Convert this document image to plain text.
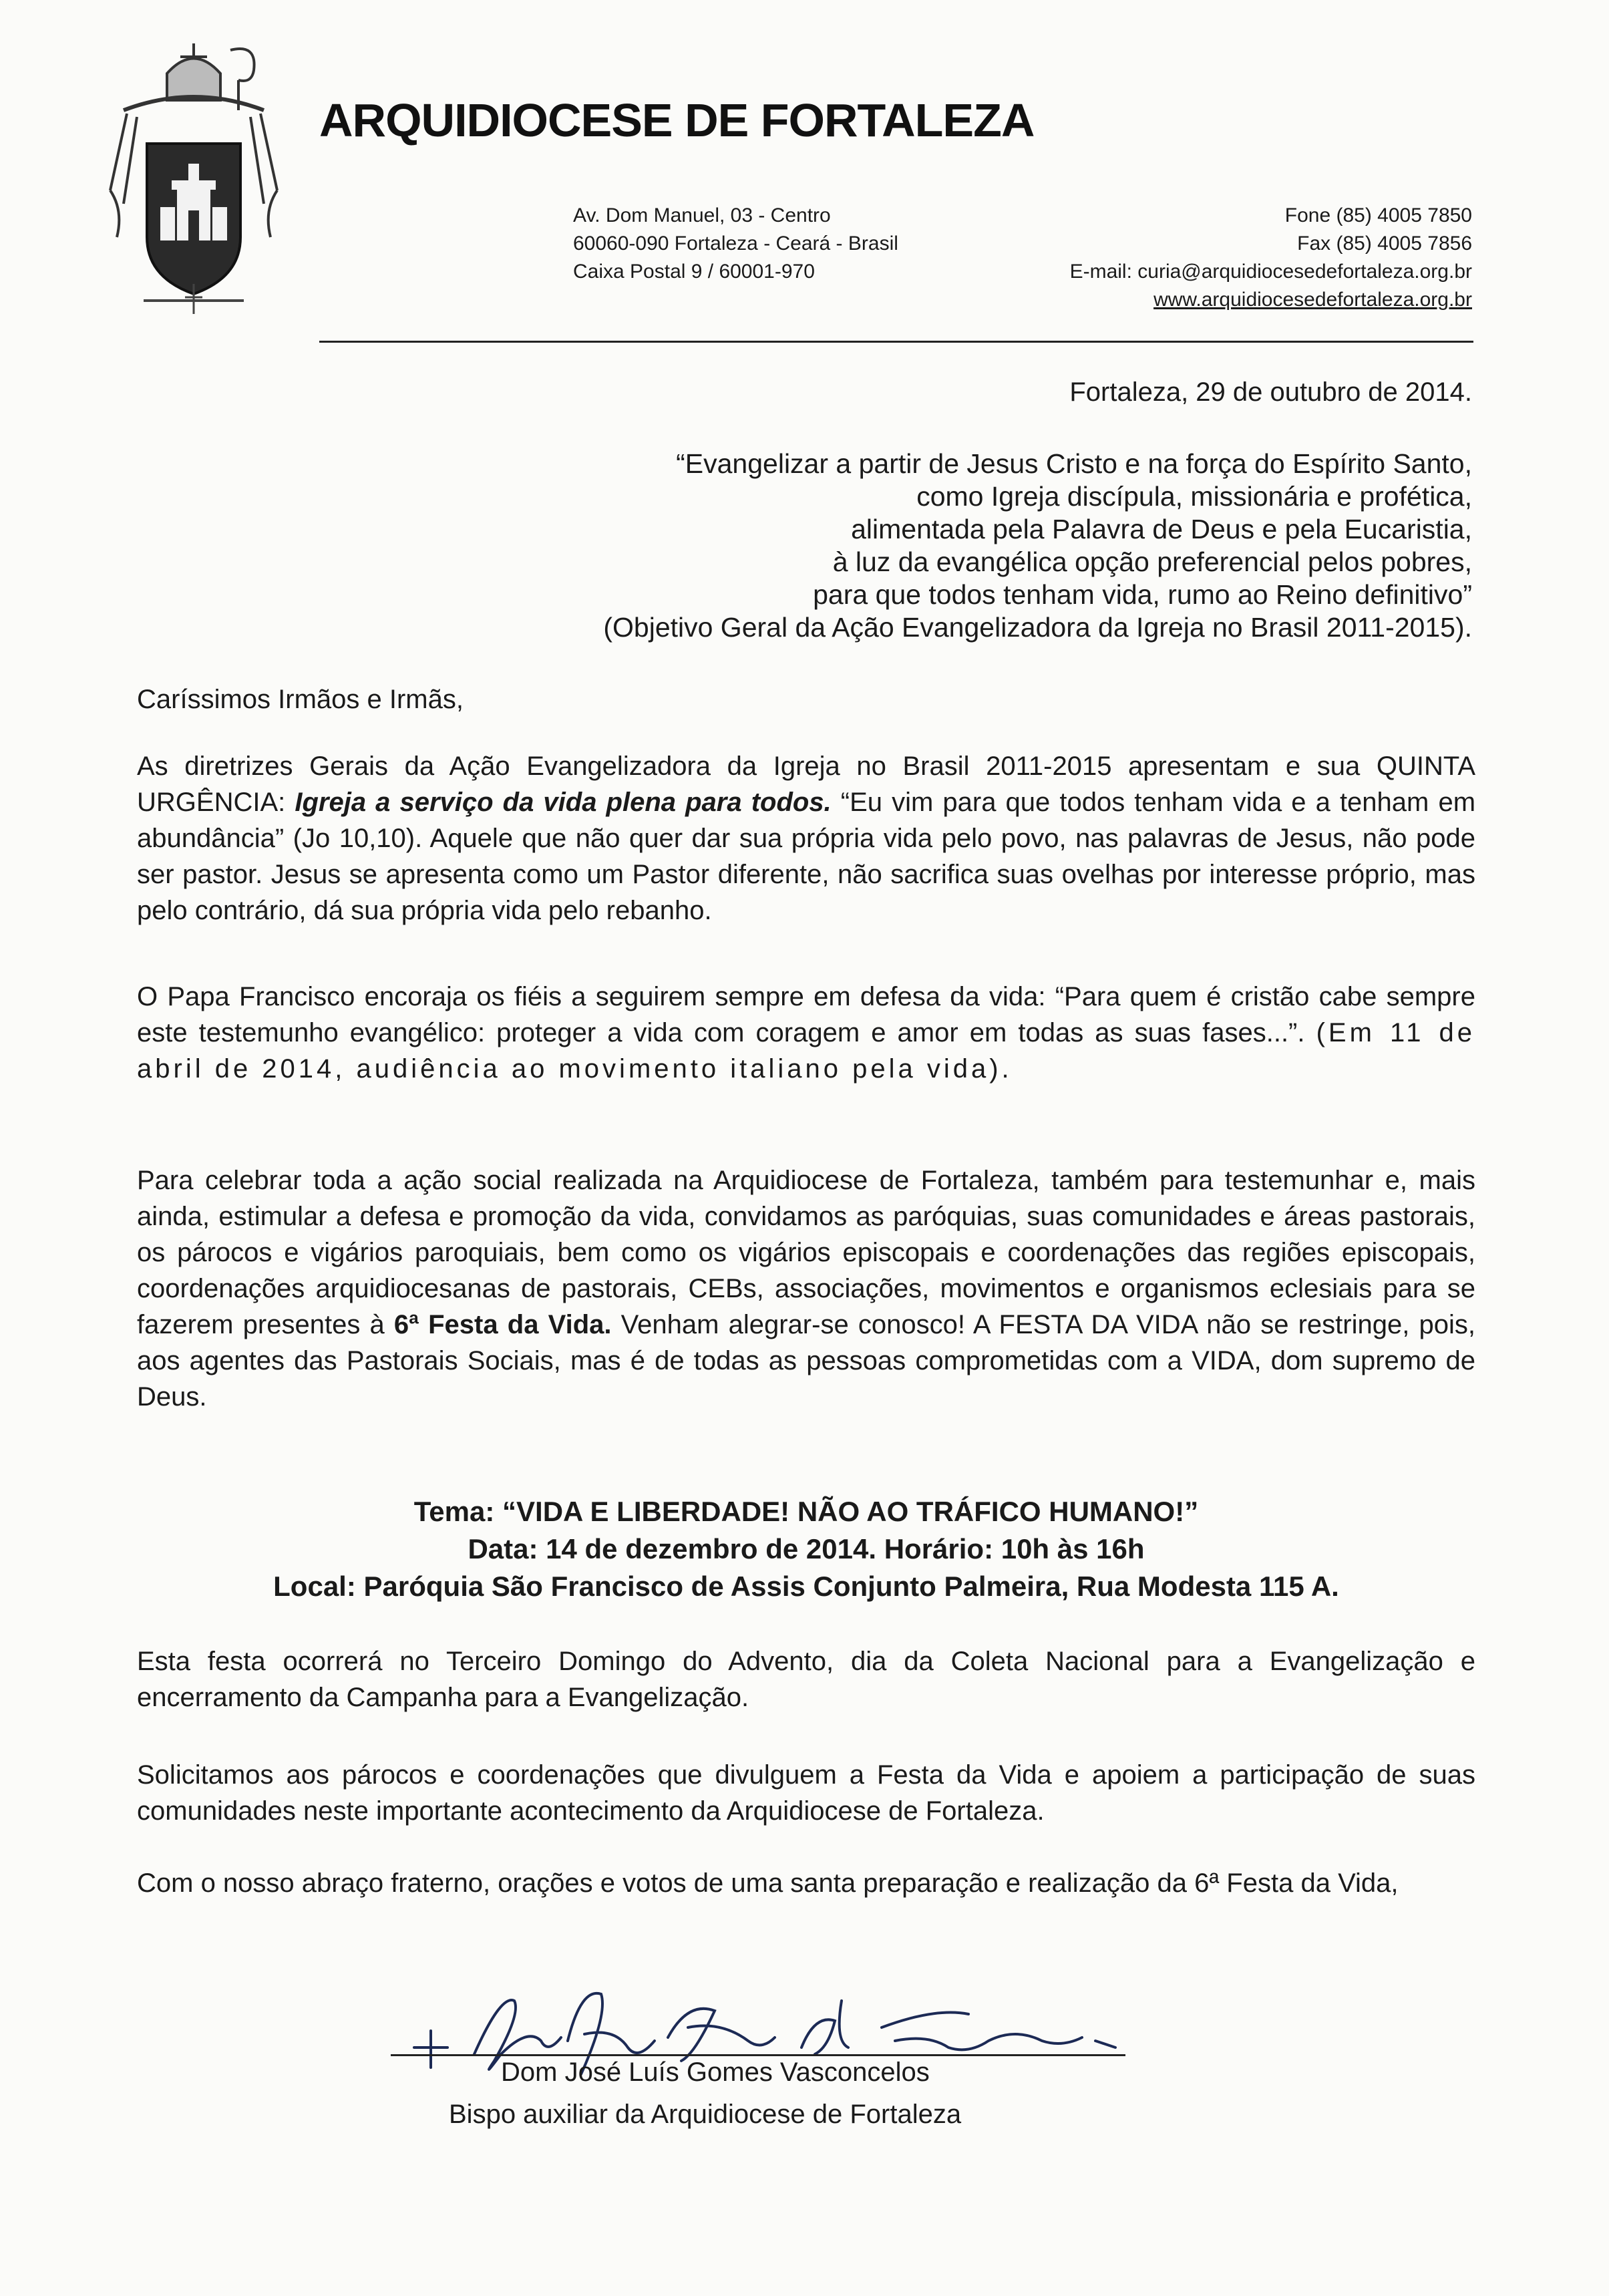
ARQUIDIOCESE DE FORTALEZA
Av. Dom Manuel, 03 - Centro
60060-090 Fortaleza - Ceará - Brasil
Caixa Postal 9 / 60001-970
Fone (85) 4005 7850
Fax (85) 4005 7856
E-mail: curia@arquidiocesedefortaleza.org.br
www.arquidiocesedefortaleza.org.br
Fortaleza, 29 de outubro de 2014.
“Evangelizar a partir de Jesus Cristo e na força do Espírito Santo,
como Igreja discípula, missionária e profética,
alimentada pela Palavra de Deus e pela Eucaristia,
à luz da evangélica opção preferencial pelos pobres,
para que todos tenham vida, rumo ao Reino definitivo”
(Objetivo Geral da Ação Evangelizadora da Igreja no Brasil 2011-2015).
Caríssimos Irmãos e Irmãs,
As diretrizes Gerais da Ação Evangelizadora da Igreja no Brasil 2011-2015 apresentam e sua QUINTA URGÊNCIA: Igreja a serviço da vida plena para todos. “Eu vim para que todos tenham vida e a tenham em abundância” (Jo 10,10). Aquele que não quer dar sua própria vida pelo povo, nas palavras de Jesus, não pode ser pastor. Jesus se apresenta como um Pastor diferente, não sacrifica suas ovelhas por interesse próprio, mas pelo contrário, dá sua própria vida pelo rebanho.
O Papa Francisco encoraja os fiéis a seguirem sempre em defesa da vida: “Para quem é cristão cabe sempre este testemunho evangélico: proteger a vida com coragem e amor em todas as suas fases...”. (Em 11 de abril de 2014, audiência ao movimento italiano pela vida).
Para celebrar toda a ação social realizada na Arquidiocese de Fortaleza, também para testemunhar e, mais ainda, estimular a defesa e promoção da vida, convidamos as paróquias, suas comunidades e áreas pastorais, os párocos e vigários paroquiais, bem como os vigários episcopais e coordenações das regiões episcopais, coordenações arquidiocesanas de pastorais, CEBs, associações, movimentos e organismos eclesiais para se fazerem presentes à 6ª Festa da Vida. Venham alegrar-se conosco! A FESTA DA VIDA não se restringe, pois, aos agentes das Pastorais Sociais, mas é de todas as pessoas comprometidas com a VIDA, dom supremo de Deus.
Tema: “VIDA E LIBERDADE! NÃO AO TRÁFICO HUMANO!”
Data: 14 de dezembro de 2014. Horário: 10h às 16h
Local: Paróquia São Francisco de Assis Conjunto Palmeira, Rua Modesta 115 A.
Esta festa ocorrerá no Terceiro Domingo do Advento, dia da Coleta Nacional para a Evangelização e encerramento da Campanha para a Evangelização.
Solicitamos aos párocos e coordenações que divulguem a Festa da Vida e apoiem a participação de suas comunidades neste importante acontecimento da Arquidiocese de Fortaleza.
Com o nosso abraço fraterno, orações e votos de uma santa preparação e realização da 6ª Festa da Vida,
Dom José Luís Gomes Vasconcelos
Bispo auxiliar da Arquidiocese de Fortaleza
